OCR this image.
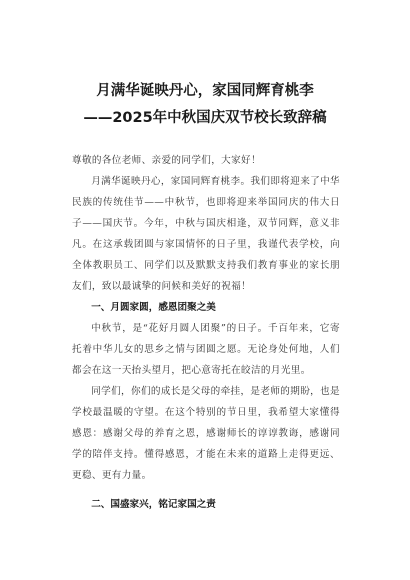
月满华诞映丹心，家国同辉育桃李
——2025年中秋国庆双节校长致辞稿

尊敬的各位老师、亲爱的同学们，大家好！

月满华诞映丹心，家国同辉育桃李。我们即将迎来了中华民族的传统佳节——中秋节，也即将迎来举国同庆的伟大日子——国庆节。今年，中秋与国庆相逢，双节同辉，意义非凡。在这承载团圆与家国情怀的日子里，我谨代表学校，向全体教职员工、同学们以及默默支持我们教育事业的家长朋友们，致以最诚挚的问候和美好的祝福！

一、月圆家圆，感恩团聚之美

中秋节，是“花好月圆人团聚”的日子。千百年来，它寄托着中华儿女的思乡之情与团圆之愿。无论身处何地，人们都会在这一天抬头望月，把心意寄托在皎洁的月光里。

同学们，你们的成长是父母的牵挂，是老师的期盼，也是学校最温暖的守望。在这个特别的节日里，我希望大家懂得感恩：感谢父母的养育之恩，感谢师长的谆谆教诲，感谢同学的陪伴支持。懂得感恩，才能在未来的道路上走得更远、更稳、更有力量。

二、国盛家兴，铭记家国之责
